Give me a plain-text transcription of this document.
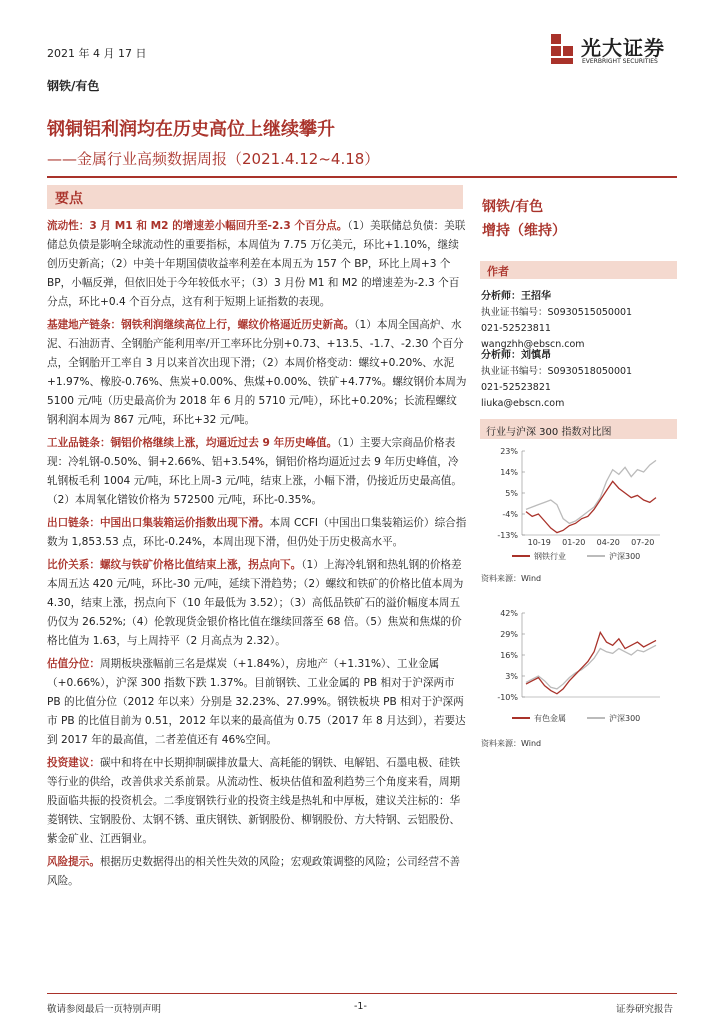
2021 年 4 月 17 日
钢铁/有色
光大证券
EVERBRIGHT SECURITIES
钢铜铝利润均在历史高位上继续攀升
——金属行业高频数据周报（2021.4.12~4.18）
要点

流动性：3 月 M1 和 M2 的增速差小幅回升至-2.3 个百分点。（1）美联储总负债：美联储总负债是影响全球流动性的重要指标，本周值为 7.75 万亿美元，环比+1.10%，继续创历史新高；（2）中美十年期国债收益率利差在本周五为 157 个 BP，环比上周+3 个 BP，小幅反弹，但依旧处于今年较低水平；（3）3 月份 M1 和 M2 的增速差为-2.3 个百分点，环比+0.4 个百分点，这有利于短期上证指数的表现。

基建地产链条：钢铁利润继续高位上行，螺纹价格逼近历史新高。（1）本周全国高炉、水泥、石油沥青、全钢胎产能利用率/开工率环比分别+0.73、+13.5、-1.7、-2.30 个百分点，全钢胎开工率自 3 月以来首次出现下滑；（2）本周价格变动：螺纹+0.20%、水泥+1.97%、橡胶-0.76%、焦炭+0.00%、焦煤+0.00%、铁矿+4.77%。螺纹钢价本周为 5100 元/吨（历史最高价为 2018 年 6 月的 5710 元/吨），环比+0.20%；长流程螺纹钢利润本周为 867 元/吨，环比+32 元/吨。

工业品链条：铜铝价格继续上涨，均逼近过去 9 年历史峰值。（1）主要大宗商品价格表现：冷轧钢-0.50%、铜+2.66%、铝+3.54%，铜铝价格均逼近过去 9 年历史峰值，冷轧钢板毛利 1004 元/吨，环比上周-3 元/吨，结束上涨，小幅下滑，仍接近历史最高值。（2）本周氧化镨钕价格为 572500 元/吨，环比-0.35%。

出口链条：中国出口集装箱运价指数出现下滑。本周 CCFI（中国出口集装箱运价）综合指数为 1,853.53 点，环比-0.24%，本周出现下滑，但仍处于历史极高水平。

比价关系：螺纹与铁矿价格比值结束上涨，拐点向下。（1）上海冷轧钢和热轧钢的价格差本周五达 420 元/吨，环比-30 元/吨，延续下滑趋势；（2）螺纹和铁矿的价格比值本周为 4.30，结束上涨，拐点向下（10 年最低为 3.52）；（3）高低品铁矿石的溢价幅度本周五仍仅为 26.52%;（4）伦敦现货金银价格比值在继续回落至 68 倍。（5）焦炭和焦煤的价格比值为 1.63，与上周持平（2 月高点为 2.32）。

估值分位：周期板块涨幅前三名是煤炭（+1.84%），房地产（+1.31%）、工业金属（+0.66%），沪深 300 指数下跌 1.37%。目前钢铁、工业金属的 PB 相对于沪深两市 PB 的比值分位（2012 年以来）分别是 32.23%、27.99%。钢铁板块 PB 相对于沪深两市 PB 的比值目前为 0.51，2012 年以来的最高值为 0.75（2017 年 8 月达到），若要达到 2017 年的最高值，二者差值还有 46%空间。

投资建议：碳中和将在中长期抑制碳排放量大、高耗能的钢铁、电解铝、石墨电极、硅铁等行业的供给，改善供求关系前景。从流动性、板块估值和盈利趋势三个角度来看，周期股面临共振的投资机会。二季度钢铁行业的投资主线是热轧和中厚板，建议关注标的：华菱钢铁、宝钢股份、太钢不锈、重庆钢铁、新钢股份、柳钢股份、方大特钢、云铝股份、紫金矿业、江西铜业。

风险提示。根据历史数据得出的相关性失效的风险；宏观政策调整的风险；公司经营不善风险。

钢铁/有色
增持（维持）
作者
分析师：王招华
执业证书编号：S0930515050001
021-52523811
wangzhh@ebscn.com
分析师：刘慎昂
执业证书编号：S0930518050001
021-52523821
liuka@ebscn.com
行业与沪深 300 指数对比图
23%
14%
5%
-4%
-13%
10-19 01-20 04-20 07-20
钢铁行业	沪深300
资料来源：Wind
42%
29%
16%
3%
-10%
有色金属	沪深300
资料来源：Wind
敬请参阅最后一页特别声明	-1-	证券研究报告
